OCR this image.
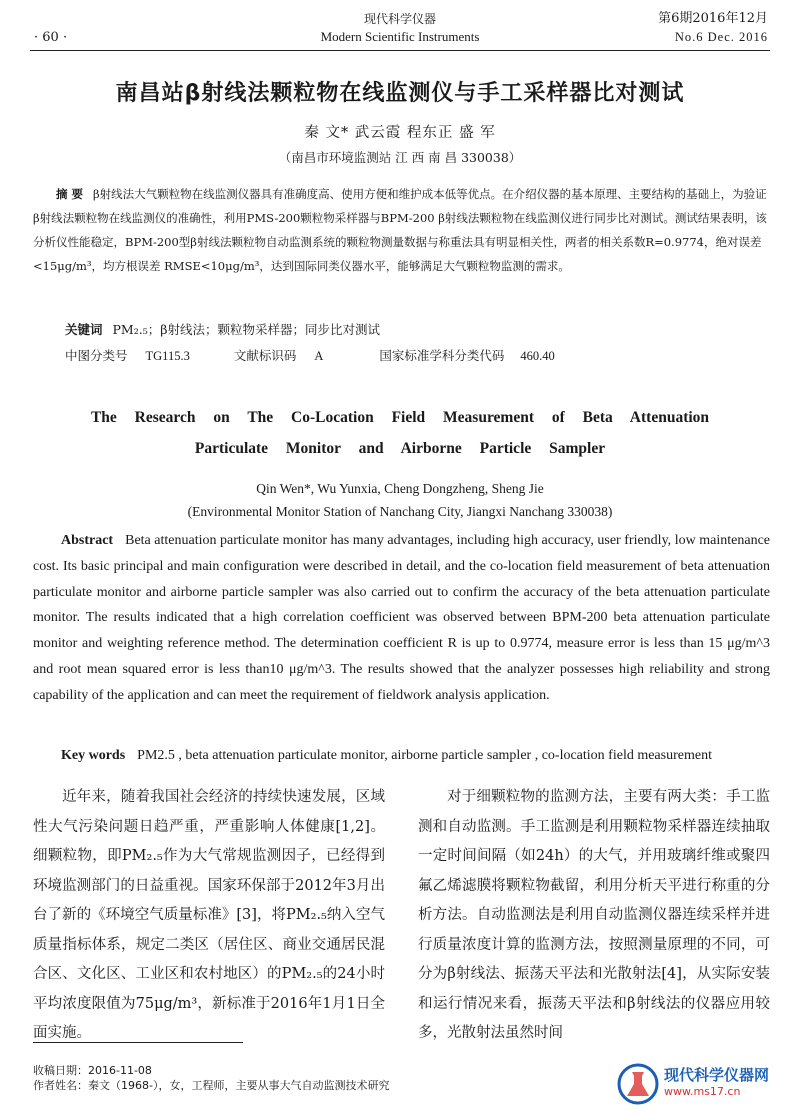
· 60 ·
现代科学仪器
Modern Scientific Instruments
第6期2016年12月
No.6 Dec. 2016
南昌站β射线法颗粒物在线监测仪与手工采样器比对测试
秦 文* 武云霞 程东正 盛 军
（南昌市环境监测站 江 西 南 昌 330038）
摘 要 β射线法大气颗粒物在线监测仪器具有准确度高、使用方便和维护成本低等优点。在介绍仪器的基本原理、主要结构的基础上，为验证β射线法颗粒物在线监测仪的准确性，利用PMS-200颗粒物采样器与BPM-200 β射线法颗粒物在线监测仪进行同步比对测试。测试结果表明，该分析仪性能稳定，BPM-200型β射线法颗粒物自动监测系统的颗粒物测量数据与称重法具有明显相关性，两者的相关系数R=0.9774，绝对误差 <15μg/m³，均方根误差 RMSE<10μg/m³，达到国际同类仪器水平，能够满足大气颗粒物监测的需求。
关键词 PM₂.₅；β射线法；颗粒物采样器；同步比对测试
中图分类号 TG115.3	文献标识码 A	国家标准学科分类代码 460.40
The Research on The Co-Location Field Measurement of Beta Attenuation
Particulate Monitor and Airborne Particle Sampler
Qin Wen*, Wu Yunxia, Cheng Dongzheng, Sheng Jie
(Environmental Monitor Station of Nanchang City, Jiangxi Nanchang 330038)
Abstract Beta attenuation particulate monitor has many advantages, including high accuracy, user friendly, low maintenance cost. Its basic principal and main configuration were described in detail, and the co-location field measurement of beta attenuation particulate monitor and airborne particle sampler was also carried out to confirm the accuracy of the beta attenuation particulate monitor. The results indicated that a high correlation coefficient was observed between BPM-200 beta attenuation particulate monitor and weighting reference method. The determination coefficient R is up to 0.9774, measure error is less than 15 μg/m^3 and root mean squared error is less than10 μg/m^3. The results showed that the analyzer possesses high reliability and strong capability of the application and can meet the requirement of fieldwork analysis application.
Key words PM2.5 , beta attenuation particulate monitor, airborne particle sampler , co-location field measurement
近年来，随着我国社会经济的持续快速发展，区域性大气污染问题日趋严重，严重影响人体健康[1,2]。细颗粒物，即PM₂.₅作为大气常规监测因子，已经得到环境监测部门的日益重视。国家环保部于2012年3月出台了新的《环境空气质量标准》[3]，将PM₂.₅纳入空气质量指标体系，规定二类区（居住区、商业交通居民混合区、文化区、工业区和农村地区）的PM₂.₅的24小时平均浓度限值为75μg/m³，新标准于2016年1月1日全面实施。
对于细颗粒物的监测方法，主要有两大类：手工监测和自动监测。手工监测是利用颗粒物采样器连续抽取一定时间间隔（如24h）的大气，并用玻璃纤维或聚四氟乙烯滤膜将颗粒物截留，利用分析天平进行称重的分析方法。自动监测法是利用自动监测仪器连续采样并进行质量浓度计算的监测方法，按照测量原理的不同，可分为β射线法、振荡天平法和光散射法[4]，从实际安装和运行情况来看，振荡天平法和β射线法的仪器应用较多，光散射法虽然时间
收稿日期：2016-11-08
作者姓名：秦文（1968-），女，工程师，主要从事大气自动监测技术研究
现代科学仪器网
www.ms17.cn
